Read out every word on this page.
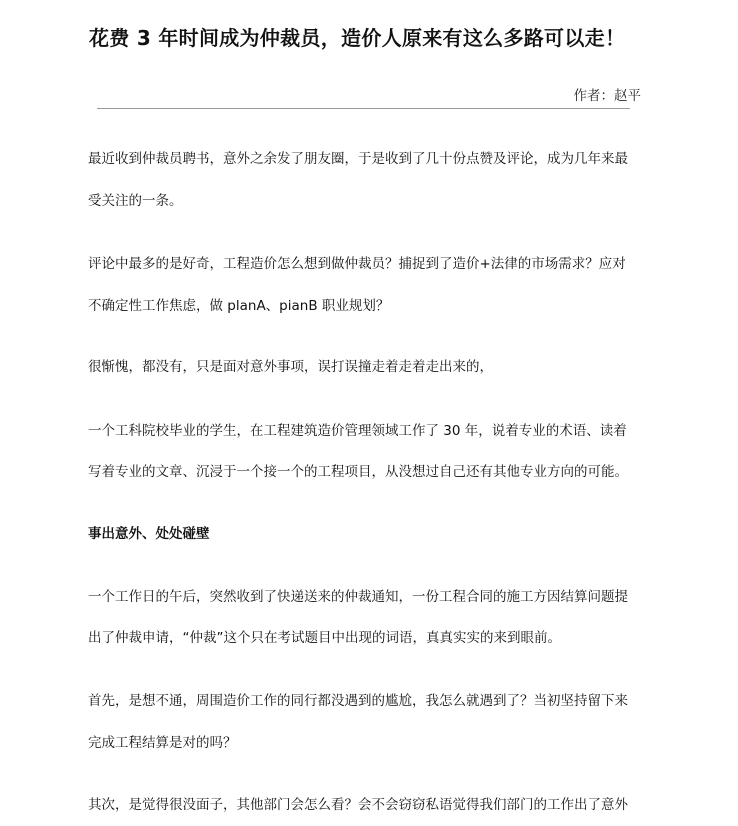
花费 3 年时间成为仲裁员，造价人原来有这么多路可以走！
作者：赵平
最近收到仲裁员聘书，意外之余发了朋友圈，于是收到了几十份点赞及评论，成为几年来最
受关注的一条。
评论中最多的是好奇，工程造价怎么想到做仲裁员？捕捉到了造价+法律的市场需求？应对
不确定性工作焦虑，做 planA、pianB 职业规划？
很惭愧，都没有，只是面对意外事项，误打误撞走着走着走出来的，
一个工科院校毕业的学生，在工程建筑造价管理领域工作了 30 年，说着专业的术语、读着
写着专业的文章、沉浸于一个接一个的工程项目，从没想过自己还有其他专业方向的可能。
事出意外、处处碰壁
一个工作日的午后，突然收到了快递送来的仲裁通知，一份工程合同的施工方因结算问题提
出了仲裁申请，“仲裁”这个只在考试题目中出现的词语，真真实实的来到眼前。
首先，是想不通，周围造价工作的同行都没遇到的尴尬，我怎么就遇到了？当初坚持留下来
完成工程结算是对的吗？
其次，是觉得很没面子，其他部门会怎么看？会不会窃窃私语觉得我们部门的工作出了意外
